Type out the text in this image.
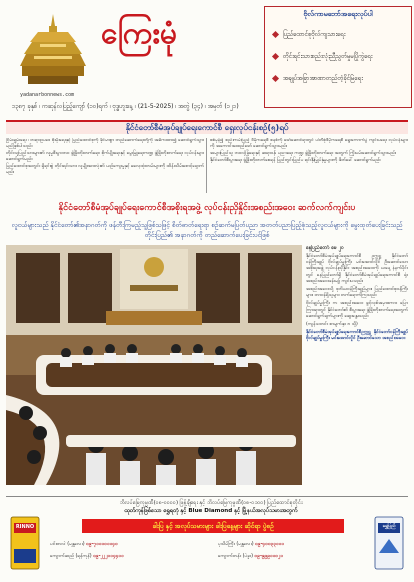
ကြေးမုံ
yadanarbonnews.com
၁၃၈၇ ခုနှစ် ၊ ကဆုန်လပြည့်ကျော် (၁၀)ရက် ၊ ဗုဒ္ဓဟူးနေ့ ၊ (21-5-2025) ၊ အတွဲ (၃၄) ၊ အမှတ် (၁၂၁)
ဗိုလ်ကာမဘော်အရေးလုပ်ပါ
ပြည်ထောင်စုဗိုလ်ကျသားရေး
တိုင်းရင်းသားစည်းလုံးညီညွတ်မှုမပြိုကွဲရေး
အချုပ်အခြာအာဏာတည်တံ့ခိုင်မြဲရေး
နိုင်ငံတော်စီမံအုပ်ချုပ်ရေးကောင်စီ ရှေးလုပ်ငန်းစဉ်(၅)ရပ်

ငြိမ်းချမ်းရေး ၊ တရားဥပဒေ စိုးမိုးရေးနှင့် ပြည်ထောင်စုကို ခိုင်မာစွာ တည်ဆောက်ရေးတို့ကို အဓိကထား၍ ဆောင်ရွက်သွားမည်ဖြစ်ပါသည်။

တိုင်းသူပြည်သားများ၏ လူမှုစီးပွားဘဝ ဖွံ့ဖြိုးတိုးတက်ရေး၊ စိုက်ပျိုးရေးနှင့် မွေးမြူရေးကဏ္ဍ ဖွံ့ဖြိုးတိုးတက်ရေး လုပ်ငန်းများ ဆောင်ရွက်မည်။

ပြည်ထောင်စုအတွင်း ရှိရင်းစွဲ တိုင်းရင်းသား လူမျိုးအားလုံး၏ ယဉ်ကျေးမှုနှင့် ဓလေ့ထုံးတမ်းများကို ထိန်းသိမ်းစောင့်ရှောက်မည်။

စစ်မှန်၍ စည်းကမ်းပြည့် ဒီမိုကရေစီ စနစ်ကို ဖော်ဆောင်ရာတွင် ပါတီစုံဒီမိုကရေစီ ရွေးကောက်ပွဲ ကျင်းပရေး လုပ်ငန်းများကို အကောင်အထည်ဖော် ဆောင်ရွက်သွားမည်။

အများပြည်သူ ဘဝလုံခြုံရေးနှင့် ဆရာဝန်၊ ပညာရေး ကဏ္ဍ ဖွံ့ဖြိုးတိုးတက်ရေး အတွက် ကြိုးပမ်းဆောင်ရွက်သွားမည်။

နိုင်ငံတော်စီးပွားရေး ဖွံ့ဖြိုးတိုးတက်စေရန် ပြည်တွင်းပြည်ပ ရင်းနှီးမြှုပ်နှံမှုများကို ဖိတ်ခေါ် ဆောင်ရွက်မည်။

နိုင်ငံတော်စီမံအုပ်ချုပ်ရေးကောင်စီအစိုးရအဖွဲ့ လုပ်ငန်းညှိနှိုင်းအစည်းအဝေး ဆက်လက်ကျင်းပ
လူငယ်များသည် နိုင်ငံတော်၏အနာဂတ်ကို ဖန်တီးကြမည့်သူဖြစ်သဖြင့် စိတ်ဓာတ်ရေးရာ စဉ်ဆက်မပြတ်ပညာ အတတ်ပညာပြည့်စုံသည့်လူငယ်များကို မွေးထုတ်ပေးခြင်းသည် တိုင်းပြည်၏ အနာဂတ်ကို တည်ဆောက်ပေးခြင်းပင်ဖြစ်
နေပြည်တော် မေ ၂၀

နိုင်ငံတော်စီမံအုပ်ချုပ်ရေးကောင်စီ ဥက္ကဋ္ဌ နိုင်ငံတော်ဝန်ကြီးချုပ် ဗိုလ်ချုပ်မှူးကြီး မင်းအောင်လှိုင် ဦးဆောင်သော အစိုးရအဖွဲ့ လုပ်ငန်းညှိနှိုင်း အစည်းအဝေးကို ယနေ့ နံနက်ပိုင်းတွင် နေပြည်တော်ရှိ နိုင်ငံတော်စီမံအုပ်ချုပ်ရေးကောင်စီ ရုံးအစည်းအဝေးခန်းမ၌ ကျင်းပသည်။

အစည်းအဝေးသို့ ဒုတိယဝန်ကြီးချုပ်များ၊ ပြည်ထောင်စုဝန်ကြီးများ၊ တာဝန်ရှိသူများ တက်ရောက်ကြသည်။

ဗိုလ်ချုပ်မှူးကြီး က အစည်းအဝေး ဖွင့်လှစ်အမှာစကား ပြောကြားရာတွင် နိုင်ငံတော်၏ စီးပွားရေး ဖွံ့ဖြိုးတိုးတက်ရေးအတွက် ဆောင်ရွက်ချက်များကို ဆွေးနွေးသည်။

(ကျန်သတင်း စာမျက်နှာ ၈ သို့)

နိုင်ငံတော်စီမံအုပ်ချုပ်ရေးကောင်စီဥက္ကဋ္ဌ နိုင်ငံတော်ဝန်ကြီးချုပ် ဗိုလ်ချုပ်မှူးကြီး မင်းအောင်လှိုင် ဦးဆောင်သော အစည်းအဝေး

ဘိလပ်မြေကုမ္ပဏီ(ဝ၈-ဝ၀၀၀) ဖြန့်ချိရေး နှင့် ဘိလပ်မြေကုမ္ပဏီ(ဝ၈-ဝ၁၀၀) ပြည်ထောင်စုတိုင်း
ထုတ်ကုန်ဖြစ်သော ရွှေရတုံ နှင့် Blue Diamond နှင့် မြို့နယ်အလုပ်သမားအတွက်
ခါးပြ နှင့် အလုပ်သမားများ ခါးပြနေ့များ ဆိုင်ရာ ပွဲစဉ်
RINNO	ရွှေပြည်
ပင်းတလဲ (မန္တလေး) ၀၉-၇၁၁၁၀၁၁၄၀
ကျောက်ဆည် (ရန်ကုန်) ၀၉-၂၂၂၁၁၄၄၁၁
ပုသိမ်ကြီး (မန္တလေး) ၀၉-၄၀၀၃၃၁၁၁
ကျောက်တန်း (ပဲခူး) ၀၉-၉၉၉၁၁၀၂၁
